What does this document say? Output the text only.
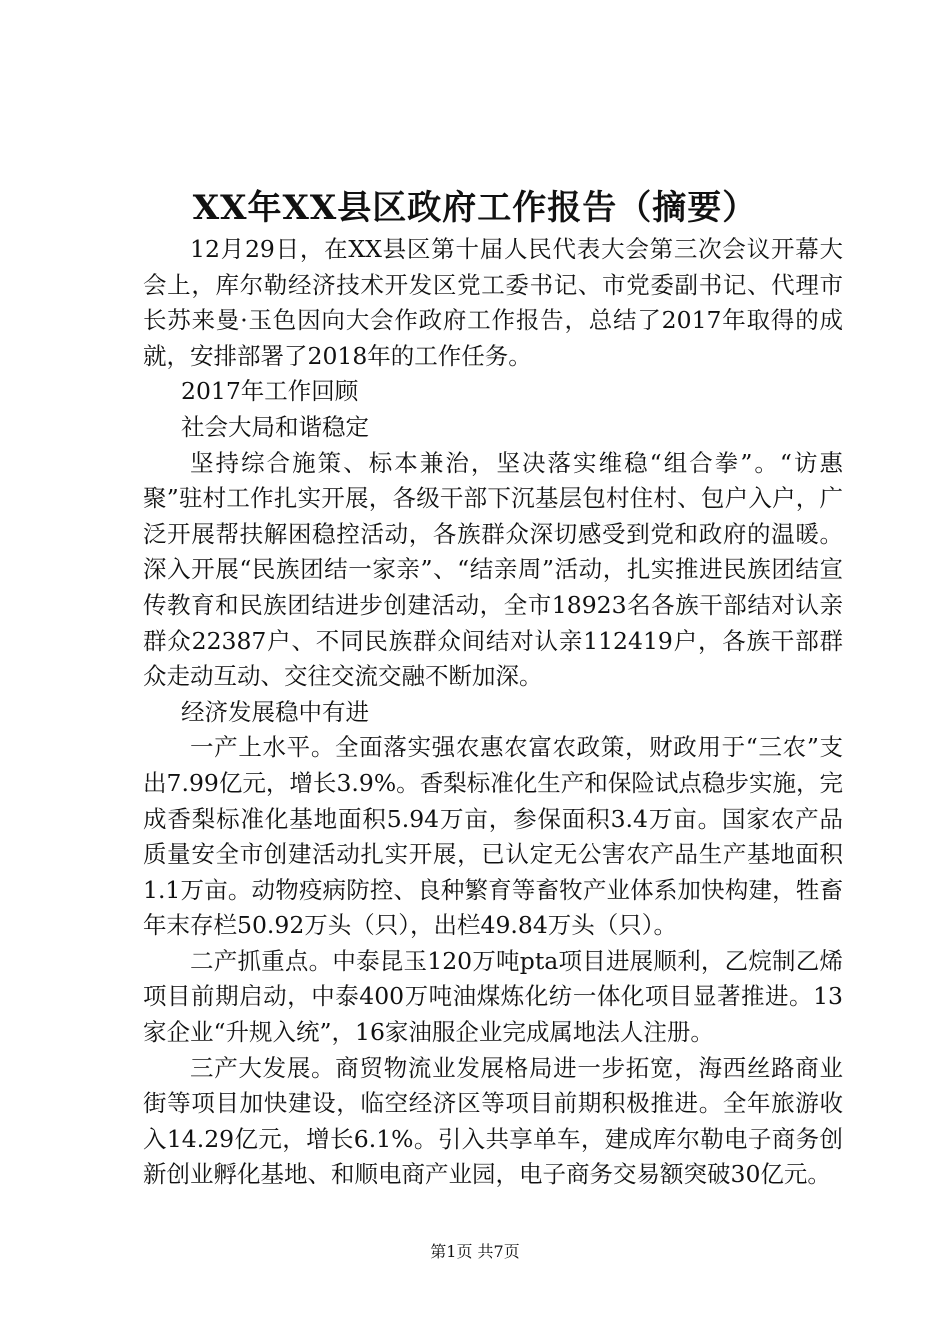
XX年XX县区政府工作报告（摘要）

12月29日，在XX县区第十届人民代表大会第三次会议开幕大会上，库尔勒经济技术开发区党工委书记、市党委副书记、代理市长苏来曼·玉色因向大会作政府工作报告，总结了2017年取得的成就，安排部署了2018年的工作任务。

2017年工作回顾

社会大局和谐稳定

坚持综合施策、标本兼治，坚决落实维稳“组合拳”。“访惠聚”驻村工作扎实开展，各级干部下沉基层包村住村、包户入户，广泛开展帮扶解困稳控活动，各族群众深切感受到党和政府的温暖。深入开展“民族团结一家亲”、“结亲周”活动，扎实推进民族团结宣传教育和民族团结进步创建活动，全市18923名各族干部结对认亲群众22387户、不同民族群众间结对认亲112419户，各族干部群众走动互动、交往交流交融不断加深。

经济发展稳中有进

一产上水平。全面落实强农惠农富农政策，财政用于“三农”支出7.99亿元，增长3.9%。香梨标准化生产和保险试点稳步实施，完成香梨标准化基地面积5.94万亩，参保面积3.4万亩。国家农产品质量安全市创建活动扎实开展，已认定无公害农产品生产基地面积1.1万亩。动物疫病防控、良种繁育等畜牧产业体系加快构建，牲畜年末存栏50.92万头（只），出栏49.84万头（只）。

二产抓重点。中泰昆玉120万吨pta项目进展顺利，乙烷制乙烯项目前期启动，中泰400万吨油煤炼化纺一体化项目显著推进。13家企业“升规入统”，16家油服企业完成属地法人注册。

三产大发展。商贸物流业发展格局进一步拓宽，海西丝路商业街等项目加快建设，临空经济区等项目前期积极推进。全年旅游收入14.29亿元，增长6.1%。引入共享单车，建成库尔勒电子商务创新创业孵化基地、和顺电商产业园，电子商务交易额突破30亿元。

第1页 共7页
